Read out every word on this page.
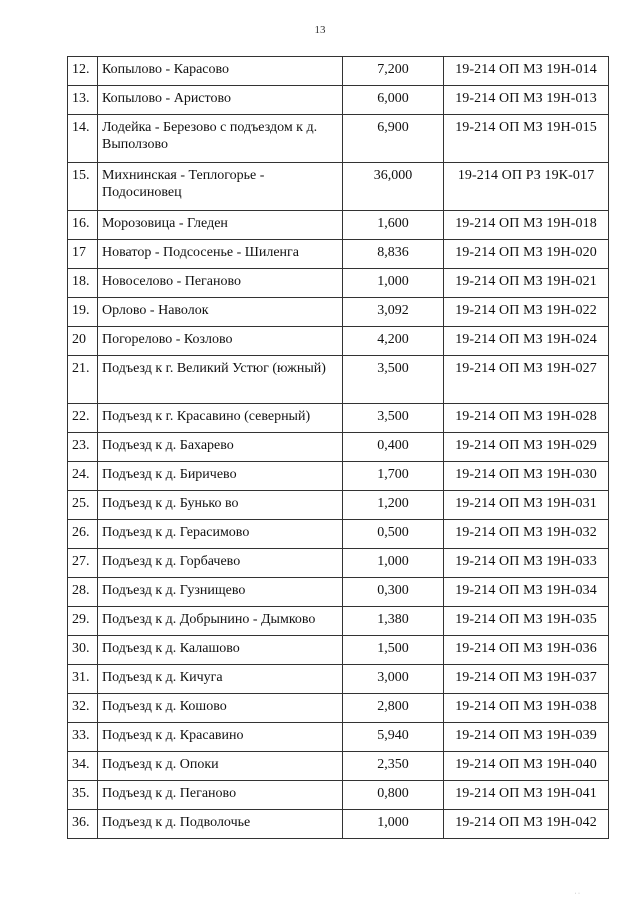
13
12.	Копылово - Карасово	7,200	19-214 ОП МЗ 19Н-014
13.	Копылово - Аристово	6,000	19-214 ОП МЗ 19Н-013
14.	Лодейка - Березово с подъездом к д. Выползово	6,900	19-214 ОП МЗ 19Н-015
15.	Михнинская - Теплогорье - Подосиновец	36,000	19-214 ОП РЗ 19К-017
16.	Морозовица - Гледен	1,600	19-214 ОП МЗ 19Н-018
17	Новатор - Подсосенье - Шиленга	8,836	19-214 ОП МЗ 19Н-020
18.	Новоселово - Пеганово	1,000	19-214 ОП МЗ 19Н-021
19.	Орлово - Наволок	3,092	19-214 ОП МЗ 19Н-022
20	Погорелово - Козлово	4,200	19-214 ОП МЗ 19Н-024
21.	Подъезд к г. Великий Устюг (южный)	3,500	19-214 ОП МЗ 19Н-027
22.	Подъезд к г. Красавино (северный)	3,500	19-214 ОП МЗ 19Н-028
23.	Подъезд к д. Бахарево	0,400	19-214 ОП МЗ 19Н-029
24.	Подъезд к д. Биричево	1,700	19-214 ОП МЗ 19Н-030
25.	Подъезд к д. Бунько во	1,200	19-214 ОП МЗ 19Н-031
26.	Подъезд к д. Герасимово	0,500	19-214 ОП МЗ 19Н-032
27.	Подъезд к д. Горбачево	1,000	19-214 ОП МЗ 19Н-033
28.	Подъезд к д. Гузнищево	0,300	19-214 ОП МЗ 19Н-034
29.	Подъезд к д. Добрынино - Дымково	1,380	19-214 ОП МЗ 19Н-035
30.	Подъезд к д. Калашово	1,500	19-214 ОП МЗ 19Н-036
31.	Подъезд к д. Кичуга	3,000	19-214 ОП МЗ 19Н-037
32.	Подъезд к д. Кошово	2,800	19-214 ОП МЗ 19Н-038
33.	Подъезд к д. Красавино	5,940	19-214 ОП МЗ 19Н-039
34.	Подъезд к д. Опоки	2,350	19-214 ОП МЗ 19Н-040
35.	Подъезд к д. Пеганово	0,800	19-214 ОП МЗ 19Н-041
36.	Подъезд к д. Подволочье	1,000	19-214 ОП МЗ 19Н-042
· ·
